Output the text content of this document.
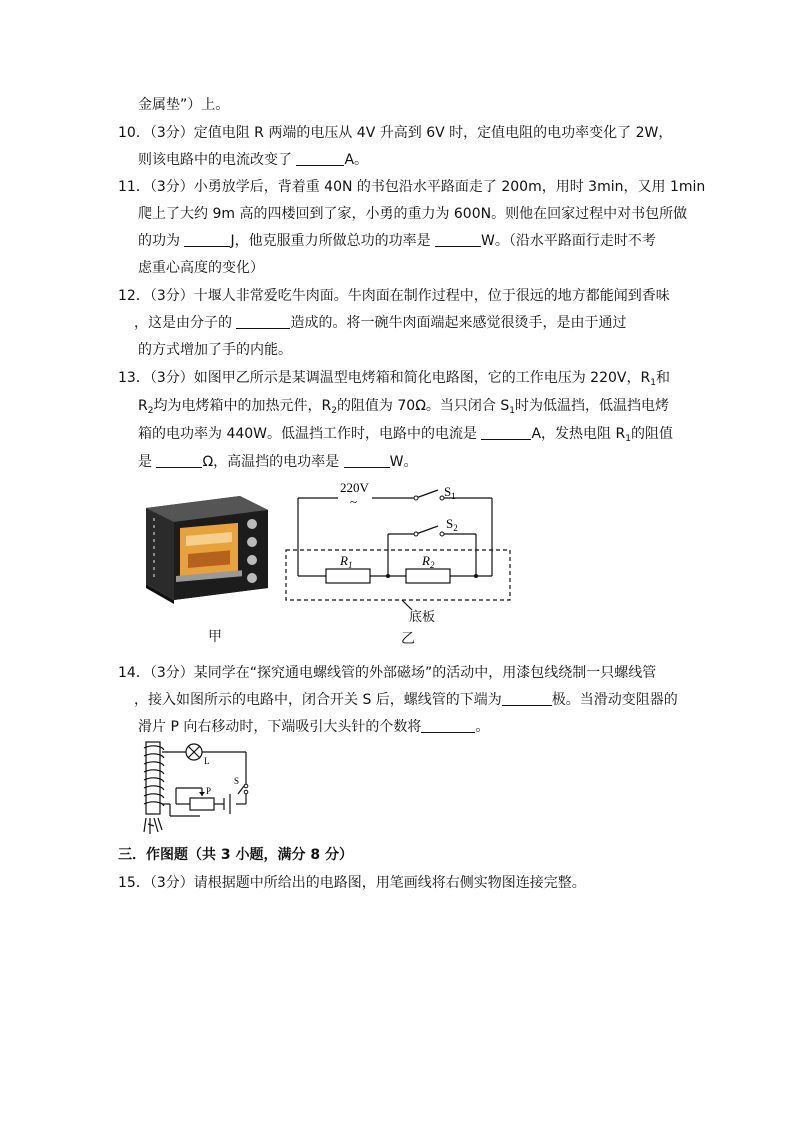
金属垫”）上。
10．（3分）定值电阻 R 两端的电压从 4V 升高到 6V 时，定值电阻的电功率变化了 2W，
则该电路中的电流改变了	A。
11．（3分）小勇放学后，背着重 40N 的书包沿水平路面走了 200m，用时 3min，又用 1min
爬上了大约 9m 高的四楼回到了家，小勇的重力为 600N。则他在回家过程中对书包所做
的功为	J，他克服重力所做总功的功率是	W。（沿水平路面行走时不考
虑重心高度的变化）
12．（3分）十堰人非常爱吃牛肉面。牛肉面在制作过程中，位于很远的地方都能闻到香味
，这是由分子的	造成的。将一碗牛肉面端起来感觉很烫手，是由于通过
的方式增加了手的内能。
13．（3分）如图甲乙所示是某调温型电烤箱和简化电路图，它的工作电压为 220V，$R_1$和
$R_2$均为电烤箱中的加热元件，$R_2$的阻值为 70Ω。当只闭合 $S_1$时为低温挡，低温挡电烤
箱的电功率为 440W。低温挡工作时，电路中的电流是	A，发热电阻 $R_1$的阻值
是	Ω，高温挡的电功率是	W。
甲
220V
~
$S_1$
$S_2$
$R_1$	$R_2$
底板
乙
14．（3分）某同学在“探究通电螺线管的外部磁场”的活动中，用漆包线绕制一只螺线管
，接入如图所示的电路中，闭合开关 S 后，螺线管的下端为	极。当滑动变阻器的
滑片 P 向右移动时，下端吸引大头针的个数将	。
L
S
P
三．作图题（共 3 小题，满分 8 分）
15．（3分）请根据题中所给出的电路图，用笔画线将右侧实物图连接完整。
